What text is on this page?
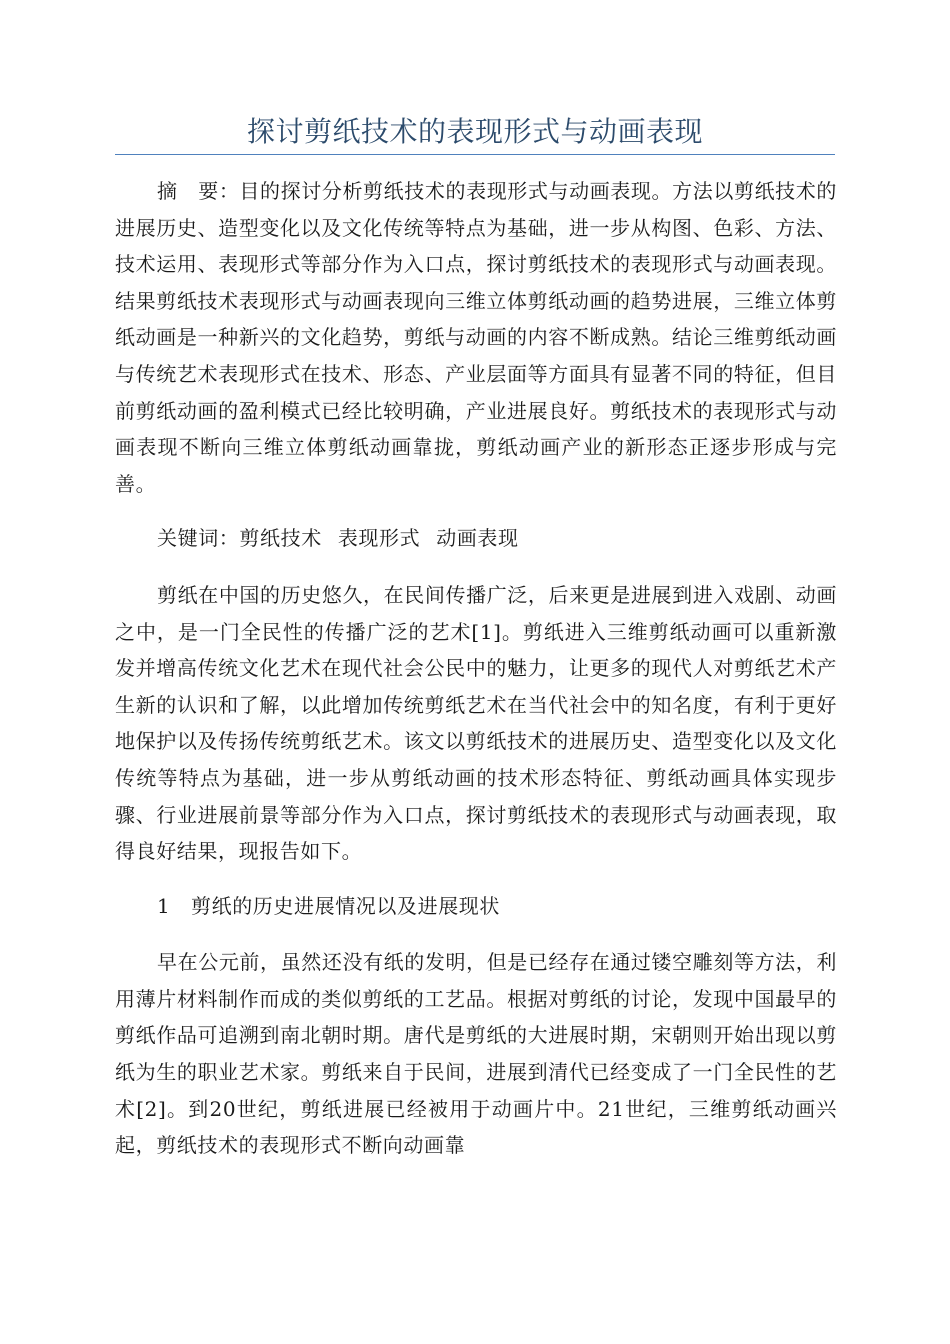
探讨剪纸技术的表现形式与动画表现

摘　要：目的探讨分析剪纸技术的表现形式与动画表现。方法以剪纸技术的进展历史、造型变化以及文化传统等特点为基础，进一步从构图、色彩、方法、技术运用、表现形式等部分作为入口点，探讨剪纸技术的表现形式与动画表现。结果剪纸技术表现形式与动画表现向三维立体剪纸动画的趋势进展，三维立体剪纸动画是一种新兴的文化趋势，剪纸与动画的内容不断成熟。结论三维剪纸动画与传统艺术表现形式在技术、形态、产业层面等方面具有显著不同的特征，但目前剪纸动画的盈利模式已经比较明确，产业进展良好。剪纸技术的表现形式与动画表现不断向三维立体剪纸动画靠拢，剪纸动画产业的新形态正逐步形成与完善。

关键词：剪纸技术 表现形式 动画表现

剪纸在中国的历史悠久，在民间传播广泛，后来更是进展到进入戏剧、动画之中，是一门全民性的传播广泛的艺术[1]。剪纸进入三维剪纸动画可以重新激发并增高传统文化艺术在现代社会公民中的魅力，让更多的现代人对剪纸艺术产生新的认识和了解，以此增加传统剪纸艺术在当代社会中的知名度，有利于更好地保护以及传扬传统剪纸艺术。该文以剪纸技术的进展历史、造型变化以及文化传统等特点为基础，进一步从剪纸动画的技术形态特征、剪纸动画具体实现步骤、行业进展前景等部分作为入口点，探讨剪纸技术的表现形式与动画表现，取得良好结果，现报告如下。

1 剪纸的历史进展情况以及进展现状

早在公元前，虽然还没有纸的发明，但是已经存在通过镂空雕刻等方法，利用薄片材料制作而成的类似剪纸的工艺品。根据对剪纸的讨论，发现中国最早的剪纸作品可追溯到南北朝时期。唐代是剪纸的大进展时期，宋朝则开始出现以剪纸为生的职业艺术家。剪纸来自于民间，进展到清代已经变成了一门全民性的艺术[2]。到20世纪，剪纸进展已经被用于动画片中。21世纪，三维剪纸动画兴起，剪纸技术的表现形式不断向动画靠
